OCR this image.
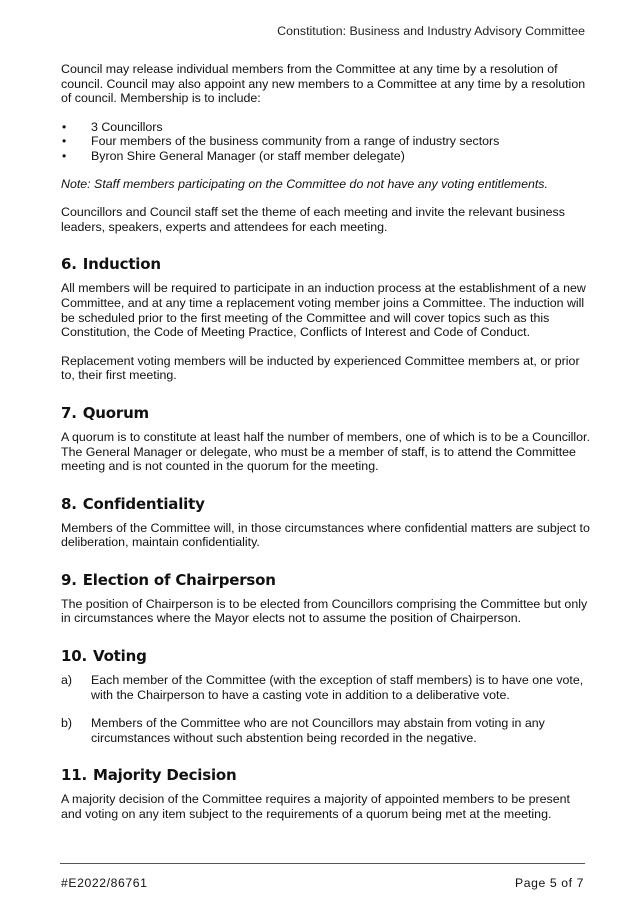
Constitution: Business and Industry Advisory Committee

Council may release individual members from the Committee at any time by a resolution of council. Council may also appoint any new members to a Committee at any time by a resolution of council. Membership is to include:

• 3 Councillors
• Four members of the business community from a range of industry sectors
• Byron Shire General Manager (or staff member delegate)

Note: Staff members participating on the Committee do not have any voting entitlements.

Councillors and Council staff set the theme of each meeting and invite the relevant business leaders, speakers, experts and attendees for each meeting.

6. Induction

All members will be required to participate in an induction process at the establishment of a new Committee, and at any time a replacement voting member joins a Committee. The induction will be scheduled prior to the first meeting of the Committee and will cover topics such as this Constitution, the Code of Meeting Practice, Conflicts of Interest and Code of Conduct.

Replacement voting members will be inducted by experienced Committee members at, or prior to, their first meeting.

7. Quorum

A quorum is to constitute at least half the number of members, one of which is to be a Councillor. The General Manager or delegate, who must be a member of staff, is to attend the Committee meeting and is not counted in the quorum for the meeting.

8. Confidentiality

Members of the Committee will, in those circumstances where confidential matters are subject to deliberation, maintain confidentiality.

9. Election of Chairperson

The position of Chairperson is to be elected from Councillors comprising the Committee but only in circumstances where the Mayor elects not to assume the position of Chairperson.

10. Voting
a) Each member of the Committee (with the exception of staff members) is to have one vote, with the Chairperson to have a casting vote in addition to a deliberative vote.

b) Members of the Committee who are not Councillors may abstain from voting in any circumstances without such abstention being recorded in the negative.

11. Majority Decision

A majority decision of the Committee requires a majority of appointed members to be present and voting on any item subject to the requirements of a quorum being met at the meeting.

#E2022/86761	Page 5 of 7
